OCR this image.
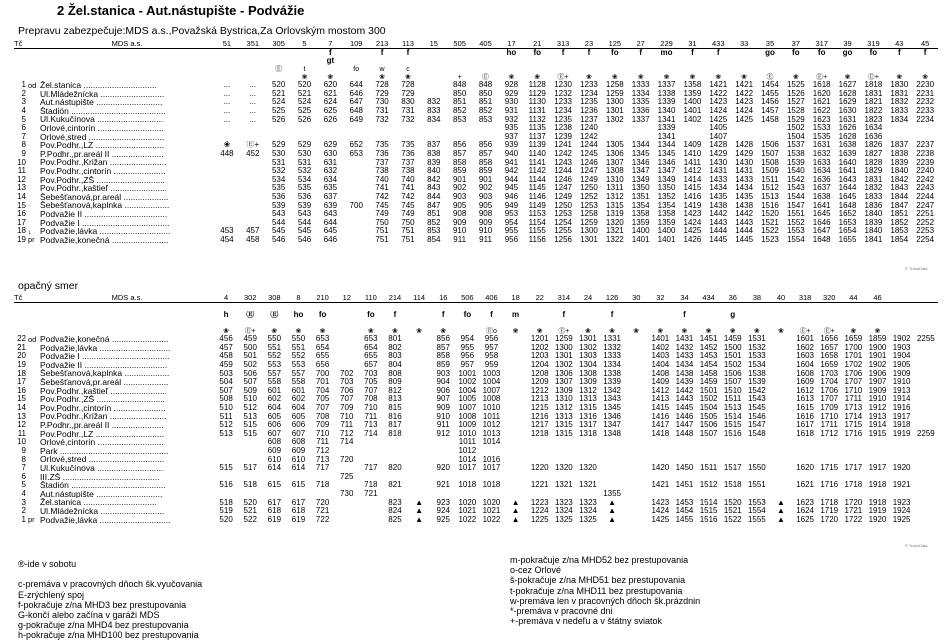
2 Žel.stanica - Aut.nástupište - Podvážie
Prepravu zabezpečuje:MDS a.s.,Považská Bystrica,Za Orlovským mostom 300
opačný smer
Tč		MDS a.s.	51	351	305	5	7	109	213	113	15	505	405	17	21	313	23	125	27	229	31	433	33	35	37	317	39	319	43	45
							f		f	f				ho	fo	f	f	fo	f	mo	f	f		go	fo	fo	go	fo	f	f
							gt																							
					Ⓔ	t		fo	w	c																				
						❀	❀		❀	❀		+	Ⓔ	❀	❀	Ⓔ+	❀	❀	❀	❀	❀	❀	❀	Ⓔ	❀	Ⓔ+	❀	Ⓔ+	❀	❀
1	od	Žel.stanica ...............................	...	...	520	520	620	644	728	728		848	848	928	1128	1230	1233	1258	1333	1337	1358	1421	1421	1454	1525	1618	1627	1818	1830	2230
2		Ul.Mládežnícka ...........................	...	...	521	521	621	646	729	729		850	850	929	1129	1232	1234	1259	1334	1338	1359	1422	1422	1455	1526	1620	1628	1831	1831	2231
3		Aut.nástupište ............................	...	...	524	524	624	647	730	830	832	851	851	930	1130	1233	1235	1300	1335	1339	1400	1423	1423	1456	1527	1621	1629	1821	1832	2232
4		Štadión ........................................	...	...	525	525	625	648	731	731	833	852	852	931	1131	1234	1236	1301	1336	1340	1401	1424	1424	1457	1528	1622	1630	1822	1833	2233
5		Ul.Kukučínova ............................	...	...	526	526	626	649	732	732	834	853	853	932	1132	1235	1237	1302	1337	1341	1402	1425	1425	1458	1529	1623	1631	1823	1834	2234
6		Orlové,cintorín ............................												935	1135	1238	1240			1339		1405			1502	1533	1626	1634		
7		Orlové,stred ................................												937	1137	1239	1242			1341		1407			1504	1535	1628	1636		
8		Pov.Podhr.,LZ .............................	❀	Ⓔ+	529	529	629	652	735	735	837	856	856	939	1139	1241	1244	1305	1344	1344	1409	1428	1428	1506	1537	1631	1638	1826	1837	2237
9		P.Podhr.,pr.areál II ......................	448	452	530	530	630	653	736	736	838	857	857	940	1140	1242	1245	1306	1345	1345	1410	1429	1429	1507	1538	1632	1639	1827	1838	2238
10		Pov.Podhr.,Križan ........................			531	531	631		737	737	839	858	858	941	1141	1243	1246	1307	1346	1346	1411	1430	1430	1508	1539	1633	1640	1828	1839	2239
11		Pov.Podhr.,cintorín ......................			532	532	632		738	738	840	859	859	942	1142	1244	1247	1308	1347	1347	1412	1431	1431	1509	1540	1634	1641	1829	1840	2240
12		Pov.Podhr.,ZŠ .............................			534	534	634		740	740	842	901	901	944	1144	1246	1249	1310	1349	1349	1414	1433	1433	1511	1542	1636	1643	1831	1842	2242
13		Pov.Podhr.,kaštieľ ........................			535	535	635		741	741	843	902	902	945	1145	1247	1250	1311	1350	1350	1415	1434	1434	1512	1543	1637	1644	1832	1843	2243
14		Šebešťanová,pr.areál ...................			536	536	637		742	742	844	903	903	946	1146	1249	1252	1312	1351	1352	1416	1435	1435	1513	1544	1638	1645	1833	1844	2244
15		Šebešťanová,kaplnka ...................			539	539	639	700	745	745	847	905	905	949	1149	1250	1253	1315	1354	1354	1419	1438	1438	1516	1547	1641	1648	1836	1847	2247
16		Podvažie II ...................................			543	543	643		749	749	851	908	908	953	1153	1253	1258	1319	1358	1358	1423	1442	1442	1520	1551	1645	1652	1840	1851	2251
17		Podvažie I .....................................			544	544	644		750	750	852	909	909	954	1154	1254	1259	1320	1359	1359	1424	1443	1443	1521	1552	1646	1653	1839	1852	2252
18	↓	Podvažie,lávka ..............................	453	457	545	545	645		751	751	853	910	910	955	1155	1255	1300	1321	1400	1400	1425	1444	1444	1522	1553	1647	1654	1840	1853	2253
19	pr	Podvažie,konečná ........................	454	458	546	546	646		751	751	854	911	911	956	1156	1256	1301	1322	1401	1401	1426	1445	1445	1523	1554	1648	1655	1841	1854	2254
Tč		MDS a.s.	4	302	308	8	210	12	110	214	114	16	506	406	18	22	314	24	126	30	32	34	434	36	38	40	318	320	44	46		

			h	Ⓔ	Ⓔ	ho	fo		fo	f		f	fo	f	m		f		f			f		g								

			❀	Ⓔ+	❀	❀	❀		❀	❀	❀	❀		Ⓔo	❀	❀	Ⓔ+	❀	❀	❀	❀	❀	❀	❀	❀	❀	Ⓔ+	Ⓔ+	❀	❀		
22	od	Podvažie,konečná ........................	456	459	550	550	653		653	801		856	954	956		1201	1259	1301	1331		1401	1431	1451	1459	1531		1601	1656	1659	1859	1902	2255
21		Podvažie,lávka ..............................	457	500	551	551	654		654	802		857	955	957		1202	1300	1302	1332		1402	1432	1452	1500	1532		1602	1657	1700	1900	1903	
20		Podvažie I .....................................	458	501	552	552	655		655	803		858	956	958		1203	1301	1303	1333		1403	1433	1453	1501	1533		1603	1658	1701	1901	1904	
19		Podvažie II ...................................	459	502	553	553	656		657	804		859	957	959		1204	1302	1304	1334		1404	1434	1454	1502	1534		1604	1659	1702	1902	1905	
18		Šebešťanová,kaplnka ...................	503	506	557	557	700	702	703	808		903	1001	1003		1208	1306	1308	1338		1408	1438	1458	1506	1538		1608	1703	1706	1906	1909	
17		Šebešťanová,pr.areál ...................	504	507	558	558	701	703	705	809		904	1002	1004		1209	1307	1309	1339		1409	1439	1459	1507	1539		1609	1704	1707	1907	1910	
16		Pov.Podhr.,kaštieľ ........................	507	509	601	601	704	706	707	812		906	1004	1007		1212	1309	1312	1342		1412	1442	1501	1510	1542		1612	1706	1710	1909	1913	
15		Pov.Podhr.,ZŠ .............................	508	510	602	602	705	707	708	813		907	1005	1008		1213	1310	1313	1343		1413	1443	1502	1511	1543		1613	1707	1711	1910	1914	
14		Pov.Podhr.,cintorín ......................	510	512	604	604	707	709	710	815		909	1007	1010		1215	1312	1315	1345		1415	1445	1504	1513	1545		1615	1709	1713	1912	1916	
13		Pov.Podhr.,Križan ........................	511	513	605	605	708	710	711	816		910	1008	1011		1216	1313	1316	1346		1416	1446	1505	1514	1546		1616	1710	1714	1913	1917	
12		P.Podhr.,pr.areál II ......................	512	515	606	606	709	711	713	817		911	1009	1012		1217	1315	1317	1347		1417	1447	1506	1515	1547		1617	1711	1715	1914	1918	
11		Pov.Podhr.,LZ .............................	513	515	607	607	710	712	714	818		912	1010	1013		1218	1315	1318	1348		1418	1448	1507	1516	1548		1618	1712	1716	1915	1919	2259
10		Orlové,cintorín ............................			608	608	711	714					1011	1014																		
9		Park ..............................................			609	609	712						1012																			
8		Orlové,stred ................................			610	610	713	720					1014	1016																		
7		Ul.Kukučínova ............................	515	517	614	614	717		717	820		920	1017	1017		1220	1320	1320			1420	1450	1511	1517	1550		1620	1715	1717	1917	1920	
6		III.ZŠ .........................................						725																								
5		Štadión ........................................	516	518	615	615	718		718	821		921	1018	1018		1221	1321	1321			1421	1451	1512	1518	1551		1621	1716	1718	1918	1921	
4		Aut.nástupište ............................						730	721										1355													
3		Žel.stanica ...............................	518	520	617	617	720			823	▲	923	1020	1020	▲	1223	1323	1323	▲		1423	1453	1514	1520	1553	▲	1623	1718	1720	1918	1923	
2		Ul.Mládežnícka ...........................	519	521	618	618	721			824	▲	924	1021	1021	▲	1224	1324	1324	▲		1424	1454	1515	1521	1554	▲	1624	1719	1721	1919	1924	
1	pr	Podvažie,lávka ..............................	520	522	619	619	722			825	▲	925	1022	1022	▲	1225	1325	1325	▲		1425	1455	1516	1522	1555	▲	1625	1720	1722	1920	1925	
®-ide v sobotu

c-premáva v pracovných dňoch šk.vyučovania
E-zrýchlený spoj
f-pokračuje z/na MHD3 bez prestupovania
G-končí alebo začína v garáži MDS
g-pokračuje z/na MHD4 bez prestupovania
h-pokračuje z/na MHD100 bez prestupovania
m-pokračuje z/na MHD52 bez prestupovania
o-cez Orlové
š-pokračuje z/na MHD51 bez prestupovania
t-pokračuje z/na MHD11 bez prestupovania
w-premáva len v pracovných dňoch šk.prázdnin
*-premáva v pracovné dni
+-premáva v nedeľu a v štátny sviatok
© TransData
© TransData
